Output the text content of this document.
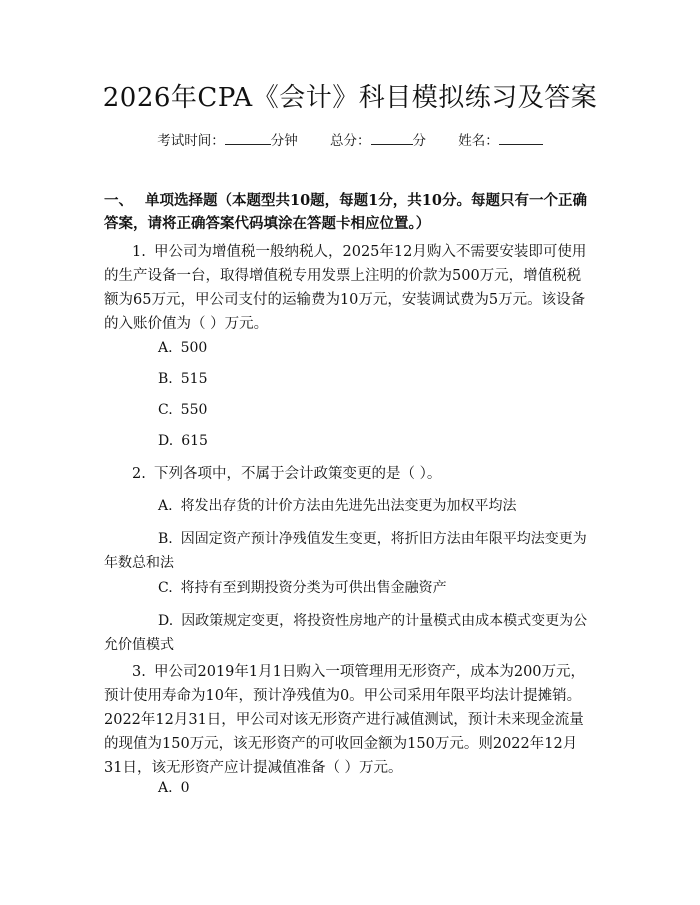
2026年CPA《会计》科目模拟练习及答案
考试时间：	分钟 总分：	分 姓名：
一、 单项选择题（本题型共10题，每题1分，共10分。每题只有一个正确答案，请将正确答案代码填涂在答题卡相应位置。）
1. 甲公司为增值税一般纳税人，2025年12月购入不需要安装即可使用的生产设备一台，取得增值税专用发票上注明的价款为500万元，增值税税额为65万元，甲公司支付的运输费为10万元，安装调试费为5万元。该设备的入账价值为（ ）万元。
A. 500
B. 515
C. 550
D. 615
2. 下列各项中，不属于会计政策变更的是（ ）。
A. 将发出存货的计价方法由先进先出法变更为加权平均法
B. 因固定资产预计净残值发生变更，将折旧方法由年限平均法变更为年数总和法
C. 将持有至到期投资分类为可供出售金融资产
D. 因政策规定变更，将投资性房地产的计量模式由成本模式变更为公允价值模式
3. 甲公司2019年1月1日购入一项管理用无形资产，成本为200万元，预计使用寿命为10年，预计净残值为0。甲公司采用年限平均法计提摊销。2022年12月31日，甲公司对该无形资产进行减值测试，预计未来现金流量的现值为150万元，该无形资产的可收回金额为150万元。则2022年12月31日，该无形资产应计提减值准备（ ）万元。
A. 0
